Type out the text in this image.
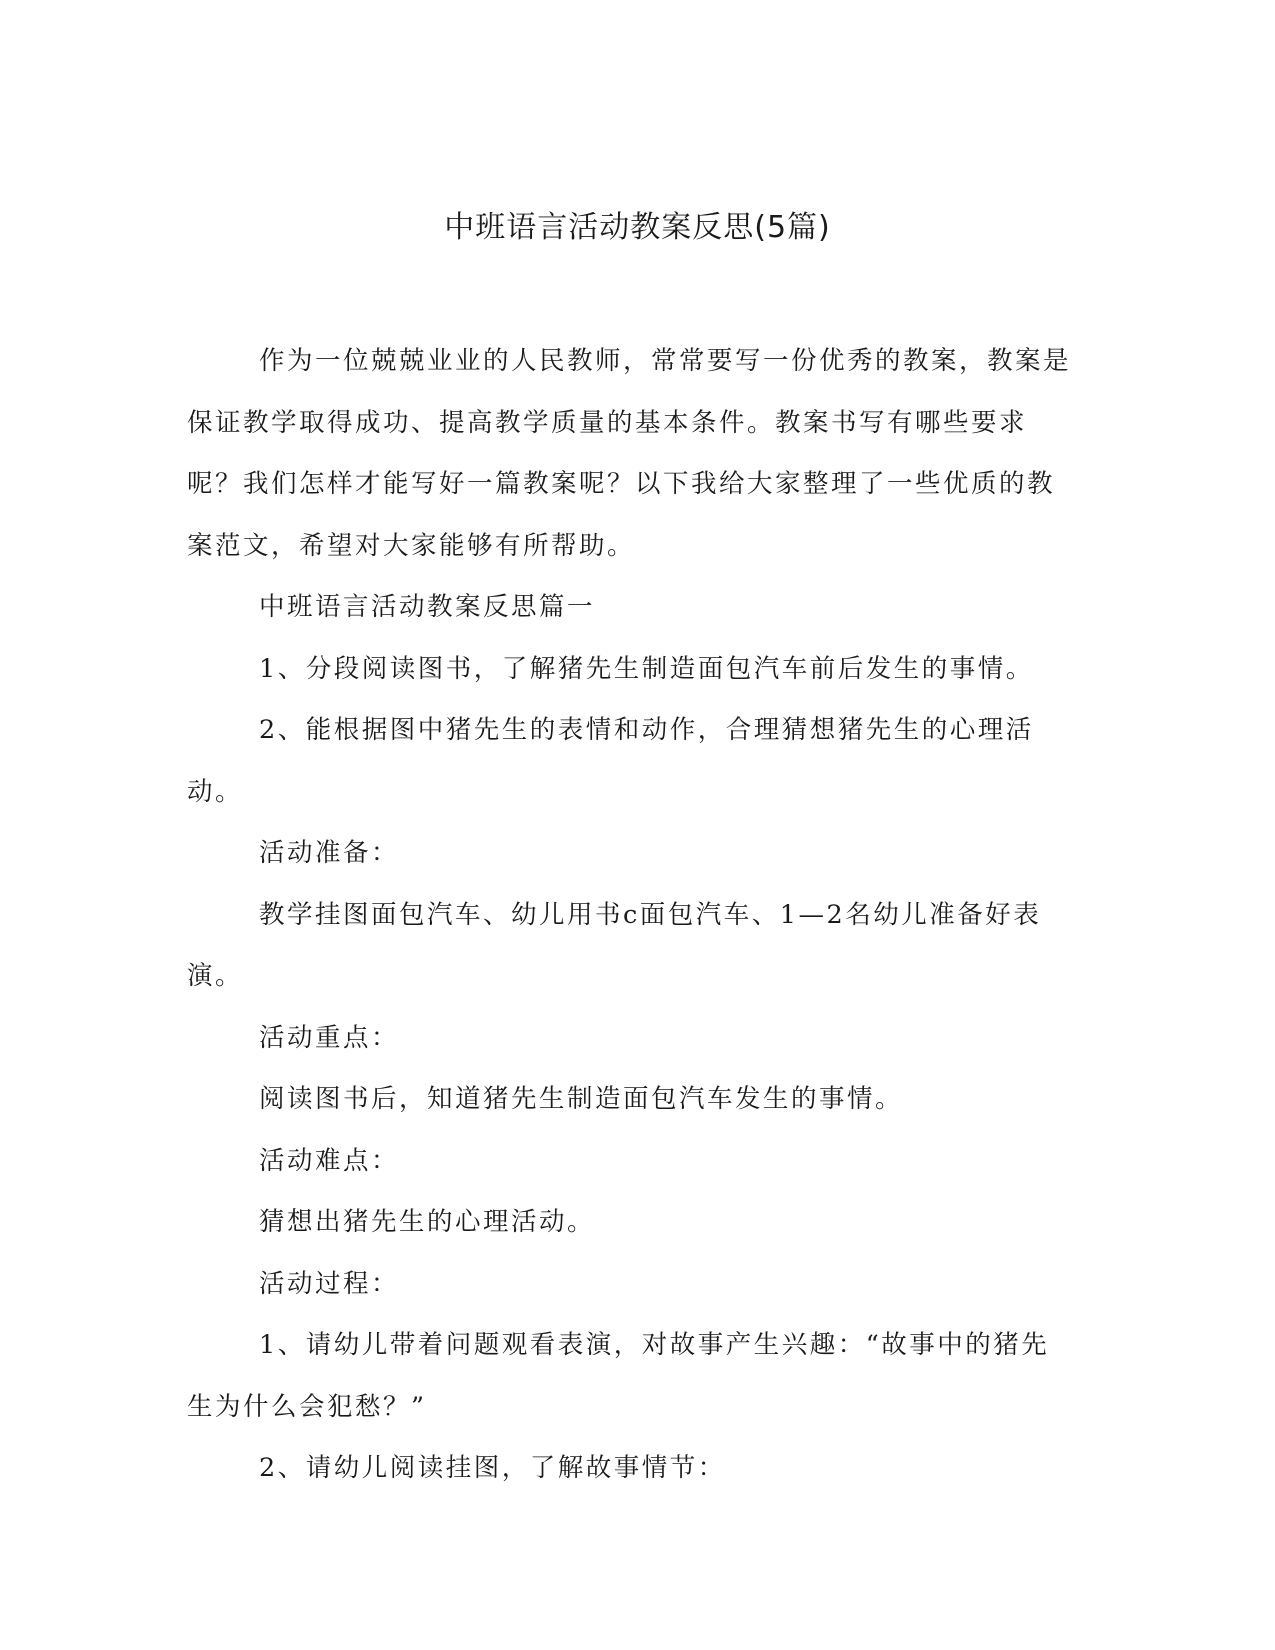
中班语言活动教案反思(5篇)

作为一位兢兢业业的人民教师，常常要写一份优秀的教案，教案是保证教学取得成功、提高教学质量的基本条件。教案书写有哪些要求呢？我们怎样才能写好一篇教案呢？以下我给大家整理了一些优质的教案范文，希望对大家能够有所帮助。

中班语言活动教案反思篇一

1、分段阅读图书，了解猪先生制造面包汽车前后发生的事情。

2、能根据图中猪先生的表情和动作，合理猜想猪先生的心理活动。

活动准备：

教学挂图面包汽车、幼儿用书c面包汽车、1—2名幼儿准备好表演。

活动重点：

阅读图书后，知道猪先生制造面包汽车发生的事情。

活动难点：

猜想出猪先生的心理活动。

活动过程：

1、请幼儿带着问题观看表演，对故事产生兴趣：“故事中的猪先生为什么会犯愁？”

2、请幼儿阅读挂图，了解故事情节：
